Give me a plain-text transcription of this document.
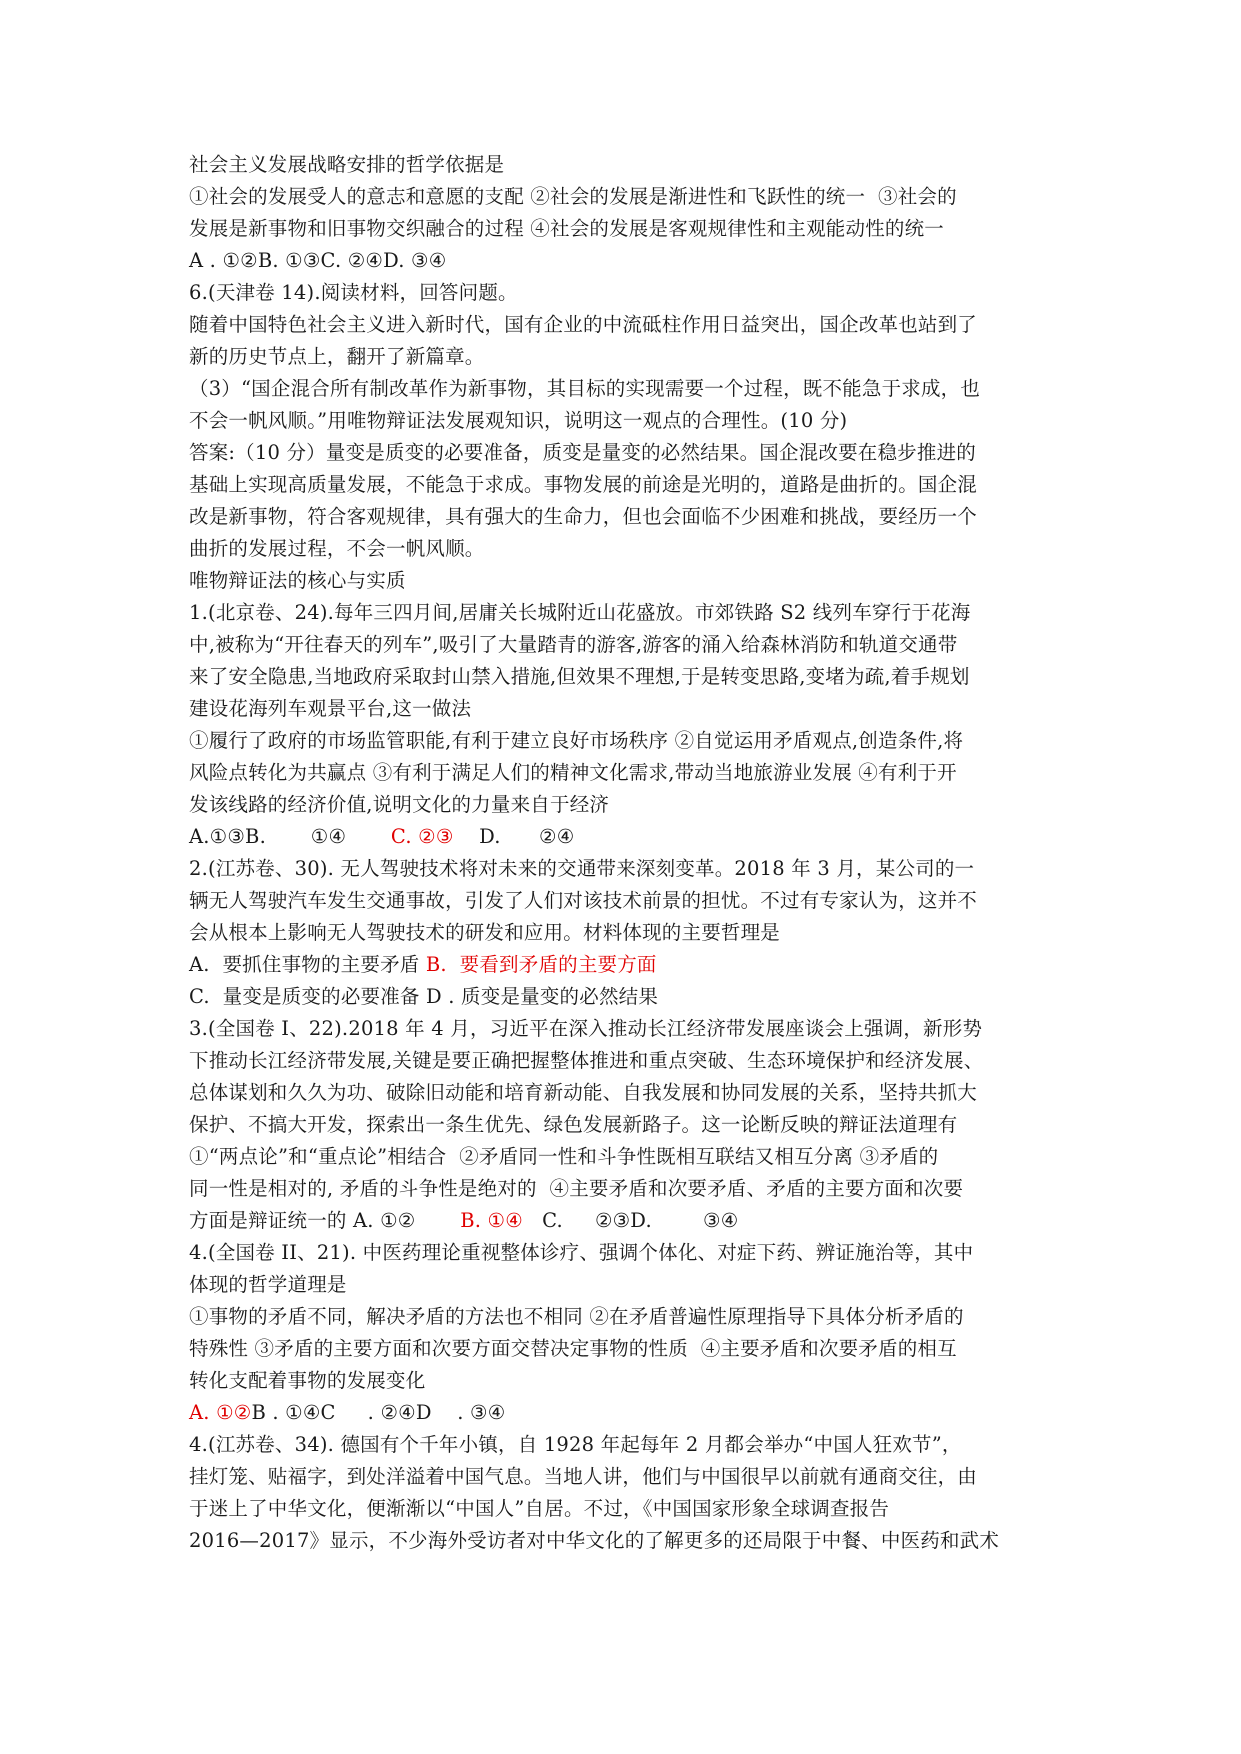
社会主义发展战略安排的哲学依据是
①社会的发展受人的意志和意愿的支配 ②社会的发展是渐进性和飞跃性的统一  ③社会的
发展是新事物和旧事物交织融合的过程 ④社会的发展是客观规律性和主观能动性的统一
A . ①②B. ①③C. ②④D. ③④
6.(天津卷 14).阅读材料，回答问题。
随着中国特色社会主义进入新时代，国有企业的中流砥柱作用日益突出，国企改革也站到了
新的历史节点上，翻开了新篇章。
（3）“国企混合所有制改革作为新事物，其目标的实现需要一个过程，既不能急于求成，也
不会一帆风顺。”用唯物辩证法发展观知识，说明这一观点的合理性。(10 分)
答案:（10 分）量变是质变的必要准备，质变是量变的必然结果。国企混改要在稳步推进的
基础上实现高质量发展，不能急于求成。事物发展的前途是光明的，道路是曲折的。国企混
改是新事物，符合客观规律，具有强大的生命力，但也会面临不少困难和挑战，要经历一个
曲折的发展过程，不会一帆风顺。
唯物辩证法的核心与实质
1.(北京卷、24).每年三四月间,居庸关长城附近山花盛放。市郊铁路 S2 线列车穿行于花海
中,被称为“开往春天的列车”,吸引了大量踏青的游客,游客的涌入给森林消防和轨道交通带
来了安全隐患,当地政府采取封山禁入措施,但效果不理想,于是转变思路,变堵为疏,着手规划
建设花海列车观景平台,这一做法
①履行了政府的市场监管职能,有利于建立良好市场秩序 ②自觉运用矛盾观点,创造条件,将
风险点转化为共赢点 ③有利于满足人们的精神文化需求,带动当地旅游业发展 ④有利于开
发该线路的经济价值,说明文化的力量来自于经济
A.①③B.       ①④       C. ②③    D.      ②④
2.(江苏卷、30). 无人驾驶技术将对未来的交通带来深刻变革。2018 年 3 月，某公司的一
辆无人驾驶汽车发生交通事故，引发了人们对该技术前景的担忧。不过有专家认为，这并不
会从根本上影响无人驾驶技术的研发和应用。材料体现的主要哲理是
A.  要抓住事物的主要矛盾 B.  要看到矛盾的主要方面
C.  量变是质变的必要准备 D . 质变是量变的必然结果
3.(全国卷 I、22).2018 年 4 月，习近平在深入推动长江经济带发展座谈会上强调，新形势
下推动长江经济带发展,关键是要正确把握整体推进和重点突破、生态环境保护和经济发展、
总体谋划和久久为功、破除旧动能和培育新动能、自我发展和协同发展的关系，坚持共抓大
保护、不搞大开发，探索出一条生优先、绿色发展新路子。这一论断反映的辩证法道理有
①“两点论”和“重点论”相结合  ②矛盾同一性和斗争性既相互联结又相互分离 ③矛盾的
同一性是相对的, 矛盾的斗争性是绝对的  ④主要矛盾和次要矛盾、矛盾的主要方面和次要
方面是辩证统一的 A. ①②       B. ①④   C.     ②③D.        ③④
4.(全国卷 II、21). 中医药理论重视整体诊疗、强调个体化、对症下药、辨证施治等，其中
体现的哲学道理是
①事物的矛盾不同，解决矛盾的方法也不相同 ②在矛盾普遍性原理指导下具体分析矛盾的
特殊性 ③矛盾的主要方面和次要方面交替决定事物的性质  ④主要矛盾和次要矛盾的相互
转化支配着事物的发展变化
A. ①②B . ①④C     . ②④D    . ③④
4.(江苏卷、34). 德国有个千年小镇，自 1928 年起每年 2 月都会举办“中国人狂欢节”，
挂灯笼、贴福字，到处洋溢着中国气息。当地人讲，他们与中国很早以前就有通商交往，由
于迷上了中华文化，便渐渐以“中国人”自居。不过，《中国国家形象全球调查报告
2016—2017》显示，不少海外受访者对中华文化的了解更多的还局限于中餐、中医药和武术
